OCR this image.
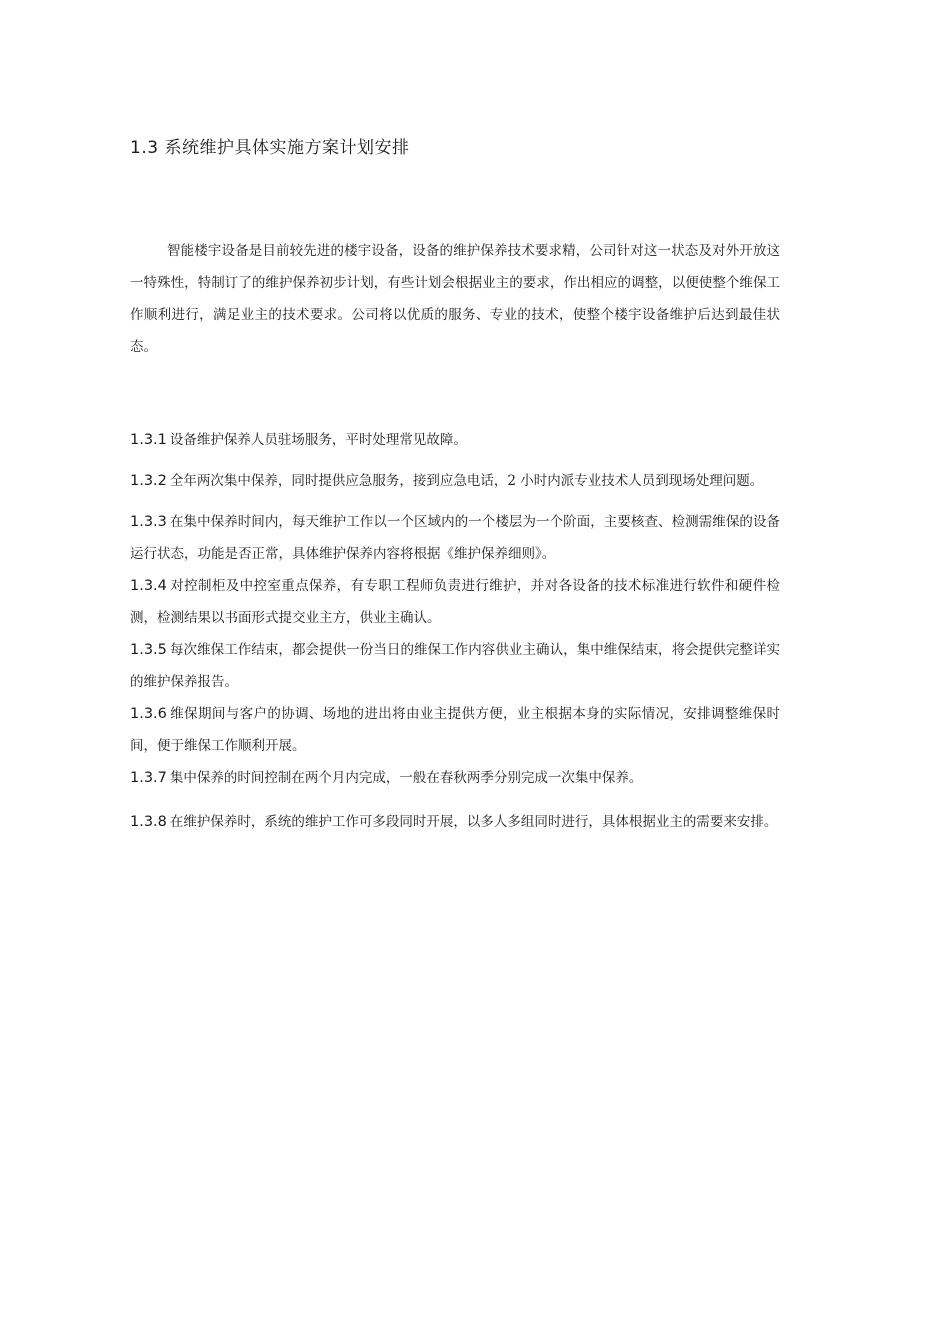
1.3 系统维护具体实施方案计划安排

智能楼宇设备是目前较先进的楼宇设备，设备的维护保养技术要求精，公司针对这一状态及对外开放这一特殊性，特制订了的维护保养初步计划，有些计划会根据业主的要求，作出相应的调整，以便使整个维保工作顺利进行，满足业主的技术要求。公司将以优质的服务、专业的技术，使整个楼宇设备维护后达到最佳状态。

1.3.1 设备维护保养人员驻场服务，平时处理常见故障。

1.3.2 全年两次集中保养，同时提供应急服务，接到应急电话，2 小时内派专业技术人员到现场处理问题。

1.3.3 在集中保养时间内，每天维护工作以一个区域内的一个楼层为一个阶面，主要核查、检测需维保的设备运行状态，功能是否正常，具体维护保养内容将根据《维护保养细则》。

1.3.4 对控制柜及中控室重点保养，有专职工程师负责进行维护，并对各设备的技术标准进行软件和硬件检测，检测结果以书面形式提交业主方，供业主确认。

1.3.5 每次维保工作结束，都会提供一份当日的维保工作内容供业主确认，集中维保结束，将会提供完整详实的维护保养报告。

1.3.6 维保期间与客户的协调、场地的进出将由业主提供方便，业主根据本身的实际情况，安排调整维保时间，便于维保工作顺利开展。

1.3.7 集中保养的时间控制在两个月内完成，一般在春秋两季分别完成一次集中保养。

1.3.8 在维护保养时，系统的维护工作可多段同时开展，以多人多组同时进行，具体根据业主的需要来安排。
